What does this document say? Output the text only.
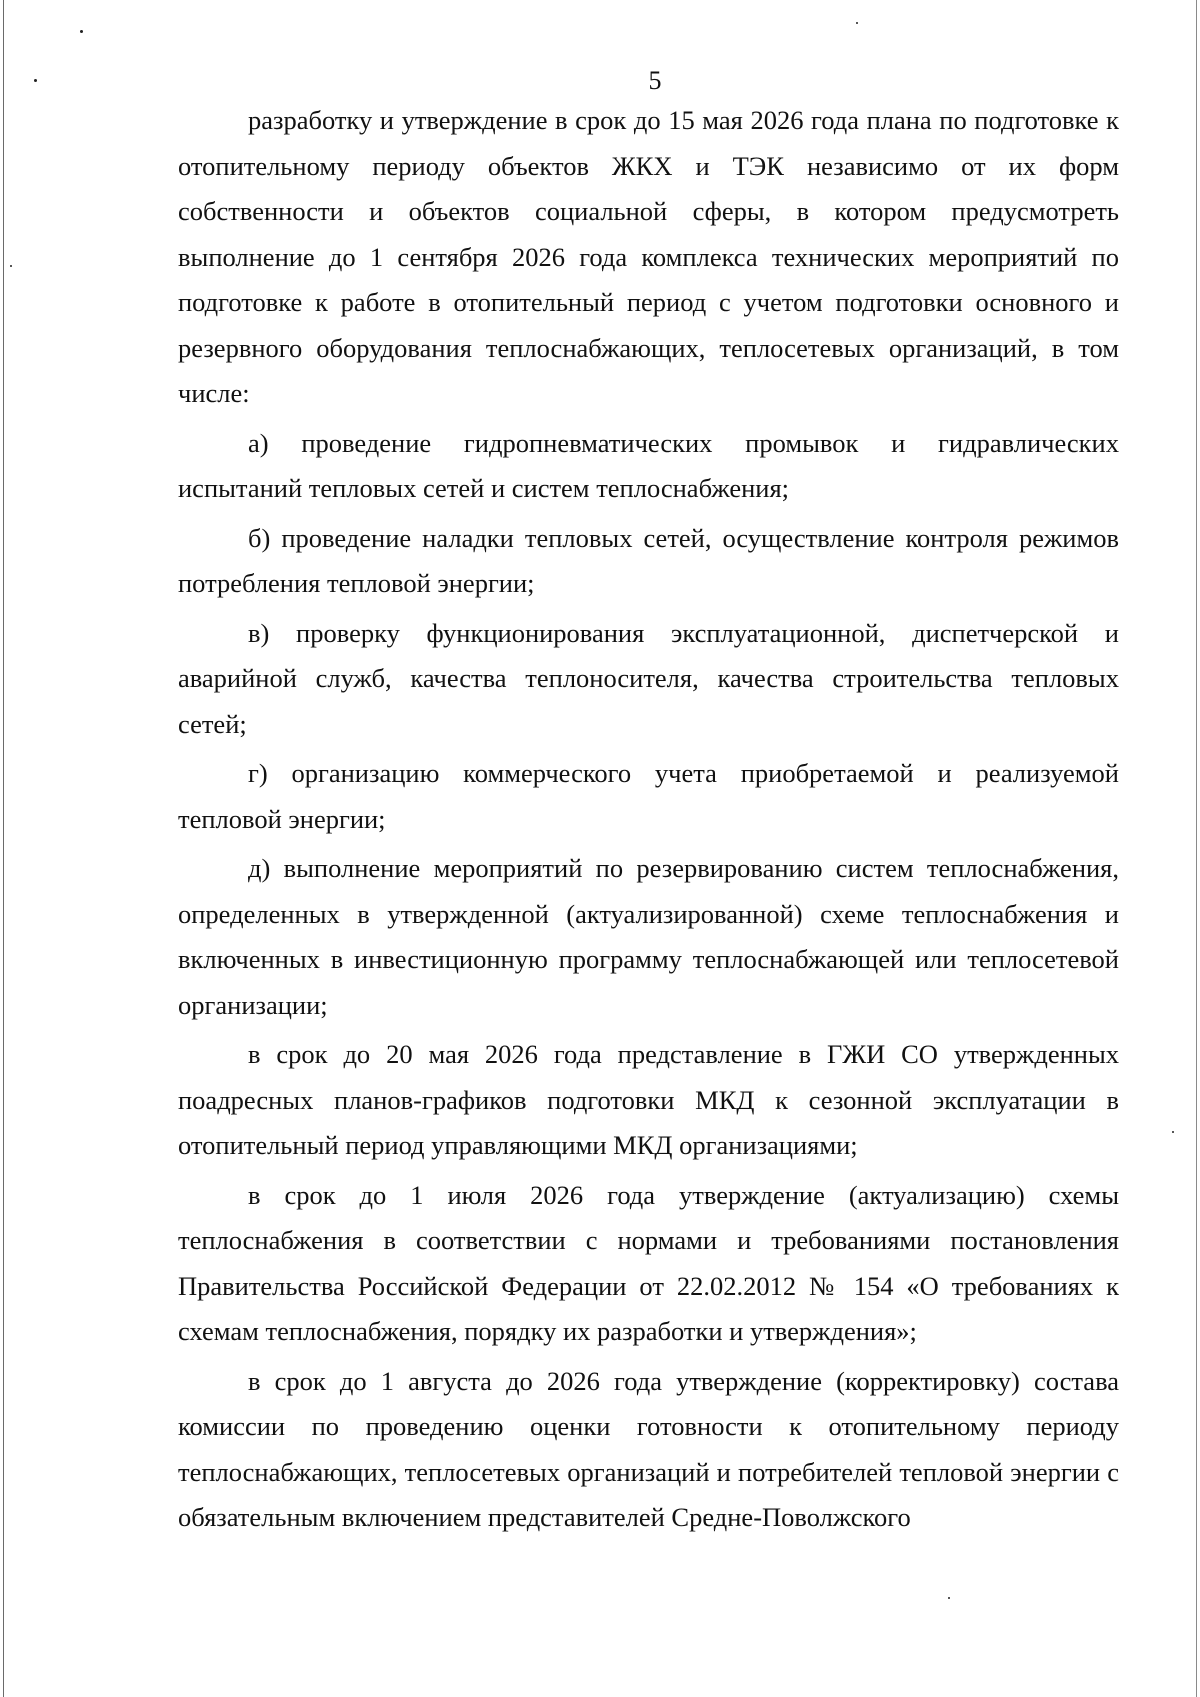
5

разработку и утверждение в срок до 15 мая 2026 года плана по подготовке к отопительному периоду объектов ЖКХ и ТЭК независимо от их форм собственности и объектов социальной сферы, в котором предусмотреть выполнение до 1 сентября 2026 года комплекса технических мероприятий по подготовке к работе в отопительный период с учетом подготовки основного и резервного оборудования теплоснабжающих, теплосетевых организаций, в том числе:

а) проведение гидропневматических промывок и гидравлических испытаний тепловых сетей и систем теплоснабжения;

б) проведение наладки тепловых сетей, осуществление контроля режимов потребления тепловой энергии;

в) проверку функционирования эксплуатационной, диспетчерской и аварийной служб, качества теплоносителя, качества строительства тепловых сетей;

г) организацию коммерческого учета приобретаемой и реализуемой тепловой энергии;

д) выполнение мероприятий по резервированию систем теплоснабжения, определенных в утвержденной (актуализированной) схеме теплоснабжения и включенных в инвестиционную программу теплоснабжающей или теплосетевой организации;

в срок до 20 мая 2026 года представление в ГЖИ СО утвержденных поадресных планов-графиков подготовки МКД к сезонной эксплуатации в отопительный период управляющими МКД организациями;

в срок до 1 июля 2026 года утверждение (актуализацию) схемы теплоснабжения в соответствии с нормами и требованиями постановления Правительства Российской Федерации от 22.02.2012 № 154 «О требованиях к схемам теплоснабжения, порядку их разработки и утверждения»;

в срок до 1 августа до 2026 года утверждение (корректировку) состава комиссии по проведению оценки готовности к отопительному периоду теплоснабжающих, теплосетевых организаций и потребителей тепловой энергии с обязательным включением представителей Средне-Поволжского
